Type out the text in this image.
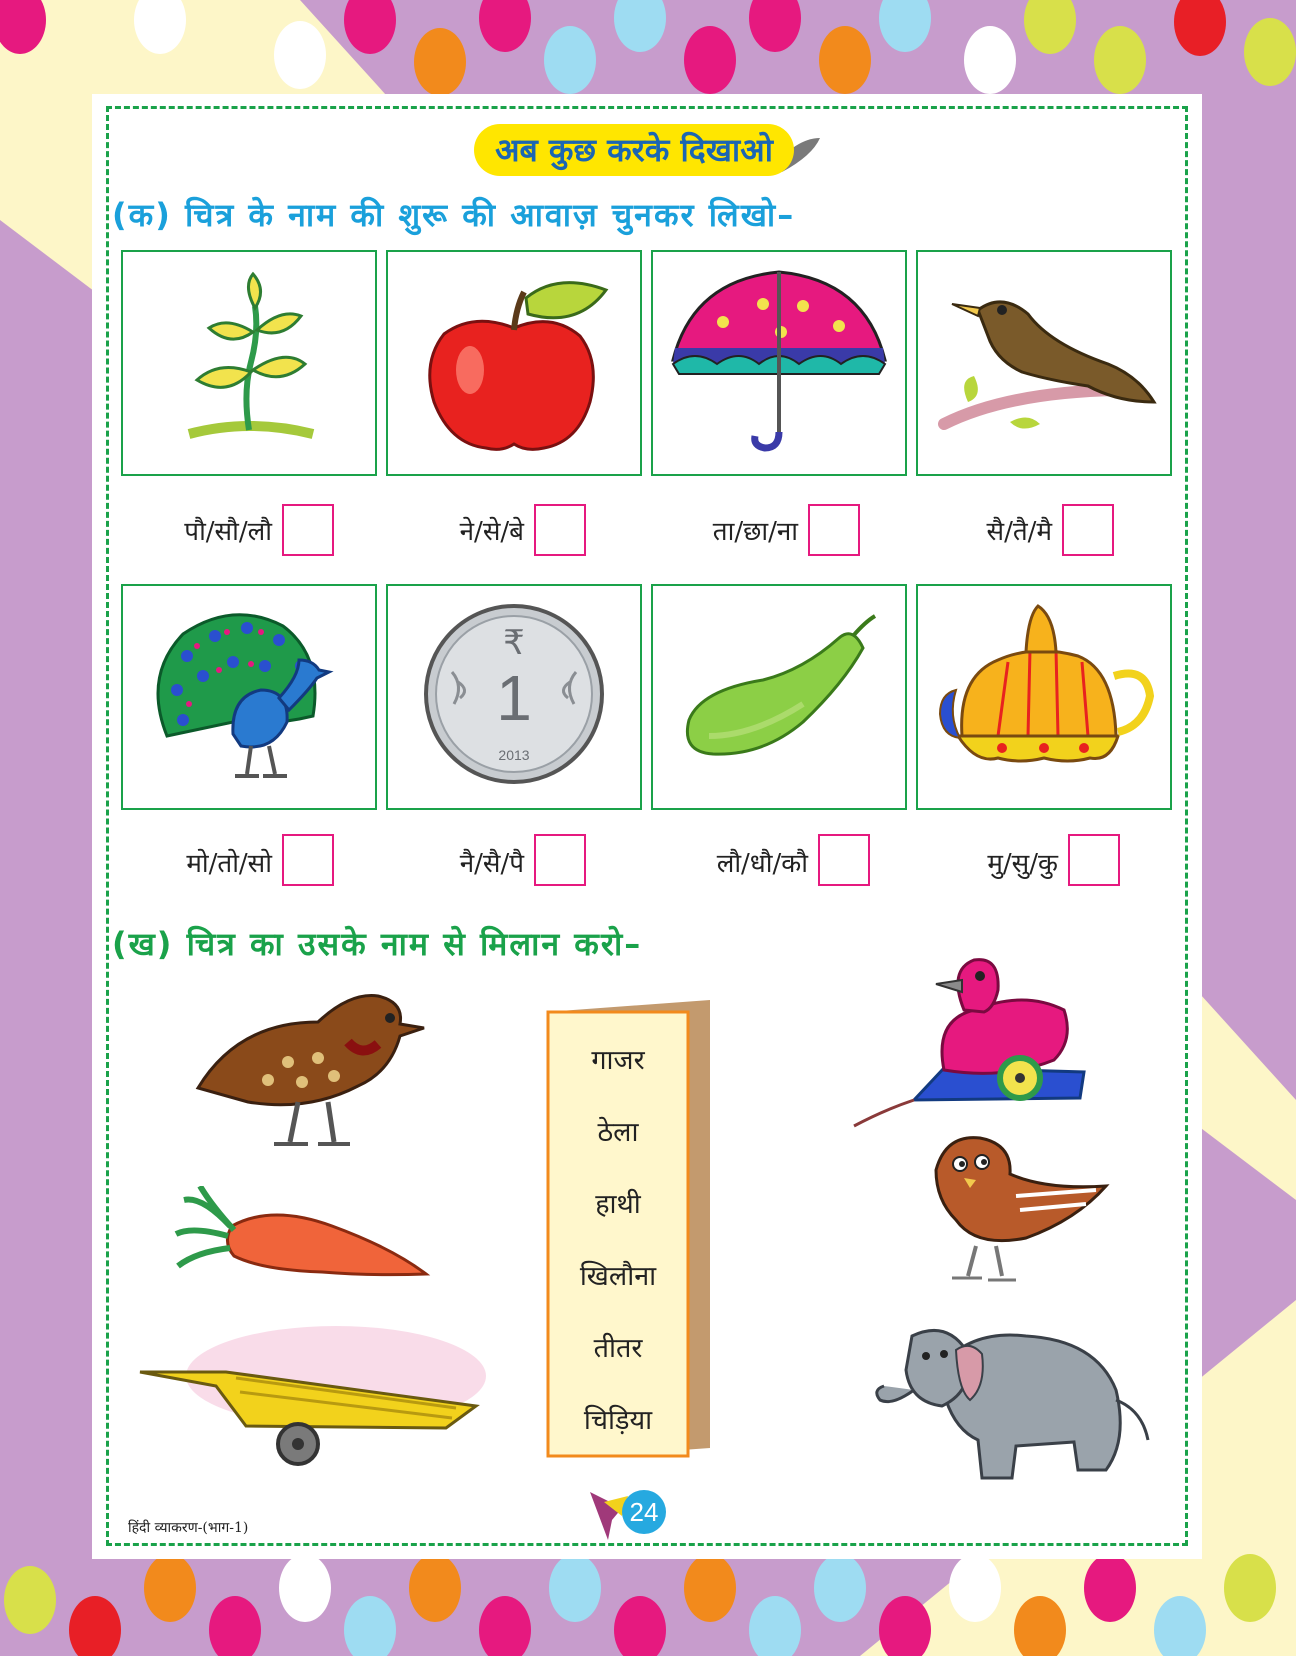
अब कुछ करके दिखाओ
(क) चित्र के नाम की शुरू की आवाज़ चुनकर लिखो–
पौ/सौ/लौ	ने/से/बे	ता/छा/ना	सै/तै/मै
₹
1
2013
मो/तो/सो	नै/सै/पै	लौ/धौ/कौ	मु/सु/कु
(ख) चित्र का उसके नाम से मिलान करो–
गाजर
ठेला
हाथी
खिलौना
तीतर
चिड़िया
हिंदी व्याकरण-(भाग-1)
24
